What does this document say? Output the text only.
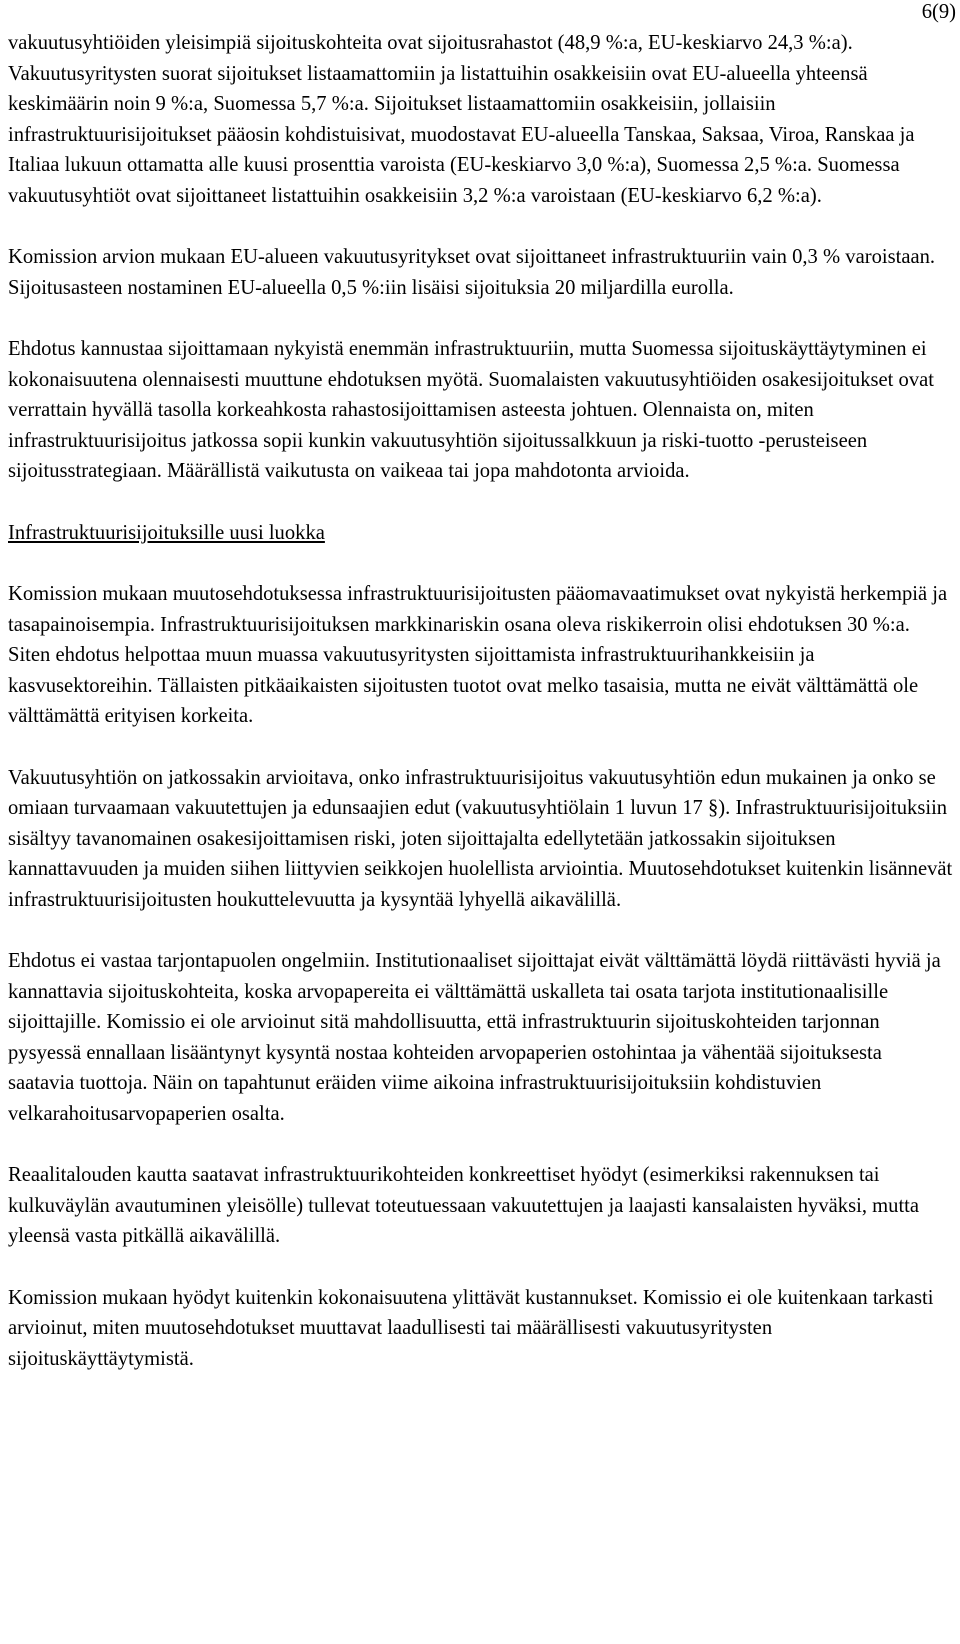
6(9)

vakuutusyhtiöiden yleisimpiä sijoituskohteita ovat sijoitusrahastot (48,9 %:a, EU-keskiarvo 24,3 %:a). Vakuutusyritysten suorat sijoitukset listaamattomiin ja listattuihin osakkeisiin ovat EU-alueella yhteensä keskimäärin noin 9 %:a, Suomessa 5,7 %:a. Sijoitukset listaamattomiin osakkeisiin, jollaisiin infrastruktuurisijoitukset pääosin kohdistuisivat, muodostavat EU-alueella Tanskaa, Saksaa, Viroa, Ranskaa ja Italiaa lukuun ottamatta alle kuusi prosenttia varoista (EU-keskiarvo 3,0 %:a), Suomessa 2,5 %:a. Suomessa vakuutusyhtiöt ovat sijoittaneet listattuihin osakkeisiin 3,2 %:a varoistaan (EU-keskiarvo 6,2 %:a).

Komission arvion mukaan EU-alueen vakuutusyritykset ovat sijoittaneet infrastruktuuriin vain 0,3 % varoistaan. Sijoitusasteen nostaminen EU-alueella 0,5 %:iin lisäisi sijoituksia 20 miljardilla eurolla.

Ehdotus kannustaa sijoittamaan nykyistä enemmän infrastruktuuriin, mutta Suomessa sijoituskäyttäytyminen ei kokonaisuutena olennaisesti muuttune ehdotuksen myötä. Suomalaisten vakuutusyhtiöiden osakesijoitukset ovat verrattain hyvällä tasolla korkeahkosta rahastosijoittamisen asteesta johtuen. Olennaista on, miten infrastruktuurisijoitus jatkossa sopii kunkin vakuutusyhtiön sijoitussalkkuun ja riski-tuotto -perusteiseen sijoitusstrategiaan. Määrällistä vaikutusta on vaikeaa tai jopa mahdotonta arvioida.

Infrastruktuurisijoituksille uusi luokka

Komission mukaan muutosehdotuksessa infrastruktuurisijoitusten pääomavaatimukset ovat nykyistä herkempiä ja tasapainoisempia. Infrastruktuurisijoituksen markkinariskin osana oleva riskikerroin olisi ehdotuksen 30 %:a. Siten ehdotus helpottaa muun muassa vakuutusyritysten sijoittamista infrastruktuurihankkeisiin ja kasvusektoreihin. Tällaisten pitkäaikaisten sijoitusten tuotot ovat melko tasaisia, mutta ne eivät välttämättä ole välttämättä erityisen korkeita.

Vakuutusyhtiön on jatkossakin arvioitava, onko infrastruktuurisijoitus vakuutusyhtiön edun mukainen ja onko se omiaan turvaamaan vakuutettujen ja edunsaajien edut (vakuutusyhtiölain 1 luvun 17 §). Infrastruktuurisijoituksiin sisältyy tavanomainen osakesijoittamisen riski, joten sijoittajalta edellytetään jatkossakin sijoituksen kannattavuuden ja muiden siihen liittyvien seikkojen huolellista arviointia. Muutosehdotukset kuitenkin lisännevät infrastruktuurisijoitusten houkuttelevuutta ja kysyntää lyhyellä aikavälillä.

Ehdotus ei vastaa tarjontapuolen ongelmiin. Institutionaaliset sijoittajat eivät välttämättä löydä riittävästi hyviä ja kannattavia sijoituskohteita, koska arvopapereita ei välttämättä uskalleta tai osata tarjota institutionaalisille sijoittajille. Komissio ei ole arvioinut sitä mahdollisuutta, että infrastruktuurin sijoituskohteiden tarjonnan pysyessä ennallaan lisääntynyt kysyntä nostaa kohteiden arvopaperien ostohintaa ja vähentää sijoituksesta saatavia tuottoja. Näin on tapahtunut eräiden viime aikoina infrastruktuurisijoituksiin kohdistuvien velkarahoitusarvopaperien osalta.

Reaalitalouden kautta saatavat infrastruktuurikohteiden konkreettiset hyödyt (esimerkiksi rakennuksen tai kulkuväylän avautuminen yleisölle) tullevat toteutuessaan vakuutettujen ja laajasti kansalaisten hyväksi, mutta yleensä vasta pitkällä aikavälillä.

Komission mukaan hyödyt kuitenkin kokonaisuutena ylittävät kustannukset. Komissio ei ole kuitenkaan tarkasti arvioinut, miten muutosehdotukset muuttavat laadullisesti tai määrällisesti vakuutusyritysten sijoituskäyttäytymistä.
